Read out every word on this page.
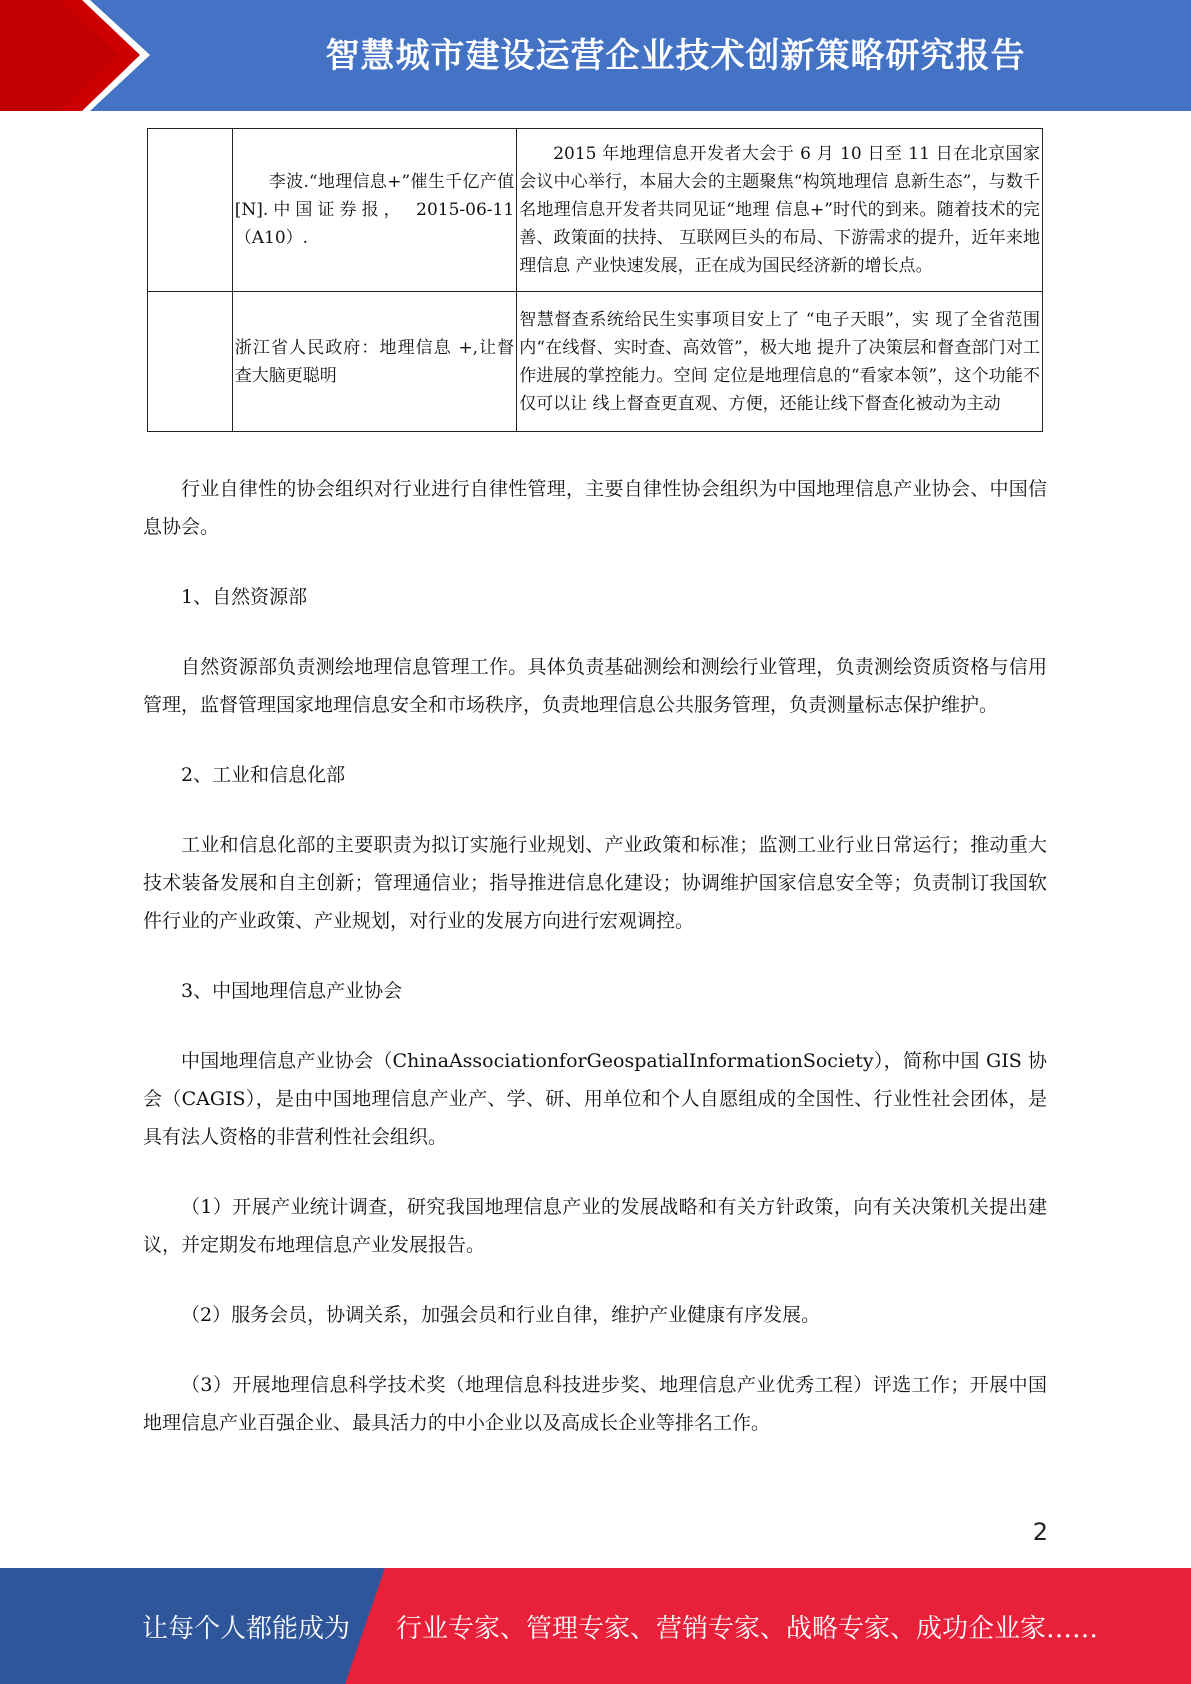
智慧城市建设运营企业技术创新策略研究报告
	李波.“地理信息+”催生千亿产值[N].中国证券报， 2015-06-11（A10）.	2015 年地理信息开发者大会于 6 月 10 日至 11 日在北京国家会议中心举行，本届大会的主题聚焦“构筑地理信 息新生态”，与数千名地理信息开发者共同见证“地理 信息+”时代的到来。随着技术的完善、政策面的扶持、 互联网巨头的布局、下游需求的提升，近年来地理信息 产业快速发展，正在成为国民经济新的增长点。
	浙江省人民政府：地理信息 +,让督查大脑更聪明	智慧督查系统给民生实事项目安上了 “电子天眼”，实 现了全省范围内“在线督、实时查、高效管”，极大地 提升了决策层和督查部门对工作进展的掌控能力。空间 定位是地理信息的“看家本领”，这个功能不仅可以让 线上督查更直观、方便，还能让线下督查化被动为主动

行业自律性的协会组织对行业进行自律性管理，主要自律性协会组织为中国地理信息产业协会、中国信息协会。

1、自然资源部

自然资源部负责测绘地理信息管理工作。具体负责基础测绘和测绘行业管理，负责测绘资质资格与信用管理，监督管理国家地理信息安全和市场秩序，负责地理信息公共服务管理，负责测量标志保护维护。

2、工业和信息化部

工业和信息化部的主要职责为拟订实施行业规划、产业政策和标准；监测工业行业日常运行；推动重大技术装备发展和自主创新；管理通信业；指导推进信息化建设；协调维护国家信息安全等；负责制订我国软件行业的产业政策、产业规划，对行业的发展方向进行宏观调控。

3、中国地理信息产业协会

中国地理信息产业协会（ChinaAssociationforGeospatialInformationSociety），简称中国 GIS 协会（CAGIS），是由中国地理信息产业产、学、研、用单位和个人自愿组成的全国性、行业性社会团体，是具有法人资格的非营利性社会组织。

（1）开展产业统计调查，研究我国地理信息产业的发展战略和有关方针政策，向有关决策机关提出建议，并定期发布地理信息产业发展报告。

（2）服务会员，协调关系，加强会员和行业自律，维护产业健康有序发展。

（3）开展地理信息科学技术奖（地理信息科技进步奖、地理信息产业优秀工程）评选工作；开展中国地理信息产业百强企业、最具活力的中小企业以及高成长企业等排名工作。

2
让每个人都能成为 行业专家、管理专家、营销专家、战略专家、成功企业家……
